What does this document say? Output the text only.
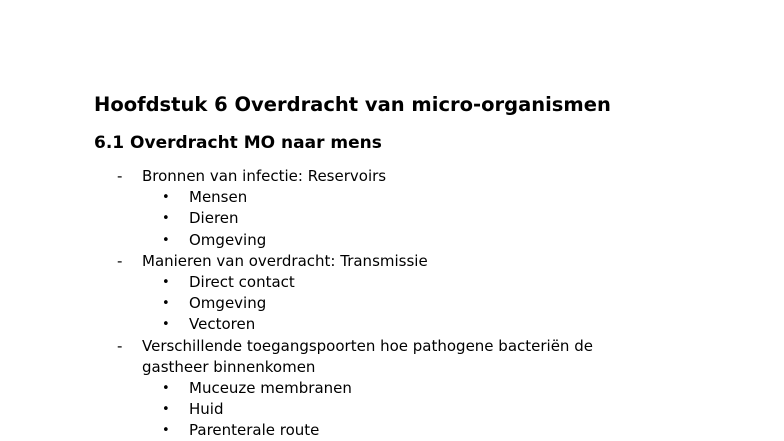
Hoofdstuk 6 Overdracht van micro-organismen
6.1 Overdracht MO naar mens
- Bronnen van infectie: Reservoirs
• Mensen
• Dieren
• Omgeving
- Manieren van overdracht: Transmissie
• Direct contact
• Omgeving
• Vectoren
- Verschillende toegangspoorten hoe pathogene bacteriën de
gastheer binnenkomen
• Muceuze membranen
• Huid
• Parenterale route
